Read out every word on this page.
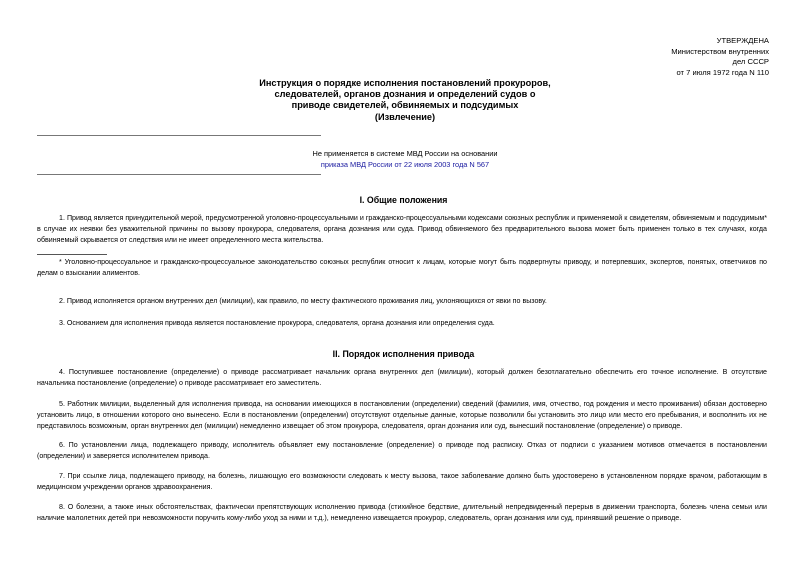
УТВЕРЖДЕНА
Министерством внутренних
дел СССР
от 7 июля 1972 года N 110
Инструкция о порядке исполнения постановлений прокуроров,
следователей, органов дознания и определений судов о
приводе свидетелей, обвиняемых и подсудимых
(Извлечение)
Не применяется в системе МВД России на основании
приказа МВД России от 22 июля 2003 года N 567
I. Общие положения
1. Привод является принудительной мерой, предусмотренной уголовно-процессуальными и гражданско-процессуальными кодексами союзных республик и применяемой к свидетелям, обвиняемым и подсудимым* в случае их неявки без уважительной причины по вызову прокурора, следователя, органа дознания или суда. Привод обвиняемого без предварительного вызова может быть применен только в тех случаях, когда обвиняемый скрывается от следствия или не имеет определенного места жительства.
* Уголовно-процессуальное и гражданско-процессуальное законодательство союзных республик относит к лицам, которые могут быть подвергнуты приводу, и потерпевших, экспертов, понятых, ответчиков по делам о взыскании алиментов.
2. Привод исполняется органом внутренних дел (милиции), как правило, по месту фактического проживания лиц, уклоняющихся от явки по вызову.
3. Основанием для исполнения привода является постановление прокурора, следователя, органа дознания или определения суда.
II. Порядок исполнения привода
4. Поступившее постановление (определение) о приводе рассматривает начальник органа внутренних дел (милиции), который должен безотлагательно обеспечить его точное исполнение. В отсутствие начальника постановление (определение) о приводе рассматривает его заместитель.
5. Работник милиции, выделенный для исполнения привода, на основании имеющихся в постановлении (определении) сведений (фамилия, имя, отчество, год рождения и место проживания) обязан достоверно установить лицо, в отношении которого оно вынесено. Если в постановлении (определении) отсутствуют отдельные данные, которые позволили бы установить это лицо или место его пребывания, и восполнить их не представилось возможным, орган внутренних дел (милиции) немедленно извещает об этом прокурора, следователя, орган дознания или суд, вынесший постановление (определение) о приводе.
6. По установлении лица, подлежащего приводу, исполнитель объявляет ему постановление (определение) о приводе под расписку. Отказ от подписи с указанием мотивов отмечается в постановлении (определении) и заверяется исполнителем привода.
7. При ссылке лица, подлежащего приводу, на болезнь, лишающую его возможности следовать к месту вызова, такое заболевание должно быть удостоверено в установленном порядке врачом, работающим в медицинском учреждении органов здравоохранения.
8. О болезни, а также иных обстоятельствах, фактически препятствующих исполнению привода (стихийное бедствие, длительный непредвиденный перерыв в движении транспорта, болезнь члена семьи или наличие малолетних детей при невозможности поручить кому-либо уход за ними и т.д.), немедленно извещается прокурор, следователь, орган дознания или суд, принявший решение о приводе.
